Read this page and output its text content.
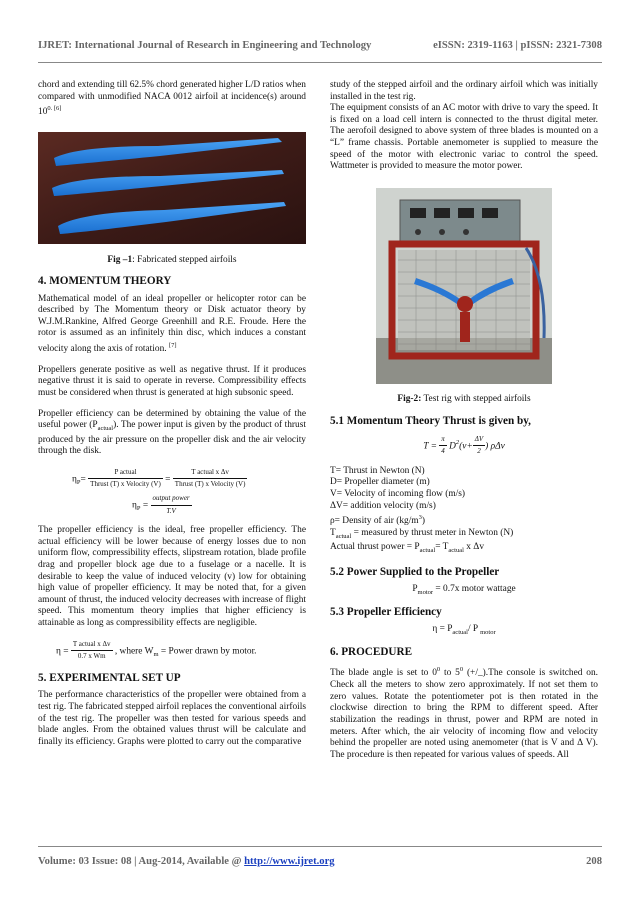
IJRET: International Journal of Research in Engineering and Technology	eISSN: 2319-1163 | pISSN: 2321-7308

chord and extending till 62.5% chord generated higher L/D ratios when compared with unmodified NACA 0012 airfoil at incidence(s) around $10^{0. [6]}$

Fig –1: Fabricated stepped airfoils
4. MOMENTUM THEORY

Mathematical model of an ideal propeller or helicopter rotor can be described by The Momentum theory or Disk actuator theory by W.J.M.Rankine, Alfred George Greenhill and R.E. Froude. Here the rotor is assumed as an infinitely thin disc, which induces a constant velocity along the axis of rotation. [7]

Propellers generate positive as well as negative thrust. If it produces negative thrust it is said to operate in reverse. Compressibility effects must be considered when thrust is generated at high subsonic speed.

Propeller efficiency can be determined by obtaining the value of the useful power $(P_{actual})$. The power input is given by the product of thrust produced by the air pressure on the propeller disk and the air velocity through the disk.

$\eta_P= \frac{\text{P actual}}{\text{Thrust (T) x Velocity (V)}} = \frac{\text{T actual x Δv}}{\text{Thrust (T) x Velocity (V)}}$
$\eta_P = \frac{\text{output power}}{T.V}$

The propeller efficiency is the ideal, free propeller efficiency. The actual efficiency will be lower because of energy losses due to non uniform flow, compressibility effects, slipstream rotation, blade profile drag and propeller block age due to a fuselage or a nacelle. It is desirable to keep the value of induced velocity (v) low for obtaining high value of propeller efficiency. It may be noted that, for a given amount of thrust, the induced velocity decreases with increase of flight speed. This momentum theory implies that higher efficiency is attainable as long as compressibility effects are negligible.

$\eta = \frac{\text{T actual x Δv}}{\text{0.7 x Wm}}$ , where $W_m$ = Power drawn by motor.
5. EXPERIMENTAL SET UP

The performance characteristics of the propeller were obtained from a test rig. The fabricated stepped airfoil replaces the conventional airfoils of the test rig. The propeller was then tested for various speeds and blade angles. From the obtained values thrust will be calculate and finally its efficiency. Graphs were plotted to carry out the comparative

study of the stepped airfoil and the ordinary airfoil which was initially installed in the test rig.

The equipment consists of an AC motor with drive to vary the speed. It is fixed on a load cell intern is connected to the thrust digital meter. The aerofoil designed to above system of three blades is mounted on a “L” frame chassis. Portable anemometer is supplied to measure the speed of the motor with electronic variac to control the speed. Wattmeter is provided to measure the motor power.

Fig-2: Test rig with stepped airfoils
5.1 Momentum Theory Thrust is given by,
$T = \frac{\pi}{4} D^2(v+ \frac{\Delta V}{2}$ ) ρΔv
T= Thrust in Newton (N)
D= Propeller diameter (m)
V= Velocity of incoming flow (m/s)
ΔV= addition velocity (m/s)
ρ= Density of air $(kg/m^3)$
$T_{actual}$ = measured by thrust meter in Newton (N)
Actual thrust power = $P_{actual}= T_{actual}$ x Δv
5.2 Power Supplied to the Propeller
$P_{motor} = 0.7x$ motor wattage
5.3 Propeller Efficiency
$\eta = P_{actual}/$ P $_{motor}$
6. PROCEDURE

The blade angle is set to $0^0$ to $5^0$ (+/_).The console is switched on. Check all the meters to show zero approximately. If not set them to zero values. Rotate the potentiometer pot is then rotated in the clockwise direction to bring the RPM to different speed. After stabilization the readings in thrust, power and RPM are noted in meters. After which, the air velocity of incoming flow and velocity behind the propeller are noted using anemometer (that is V and Δ V). The procedure is then repeated for various values of speeds. All

Volume: 03 Issue: 08 | Aug-2014, Available @ http://www.ijret.org	208
